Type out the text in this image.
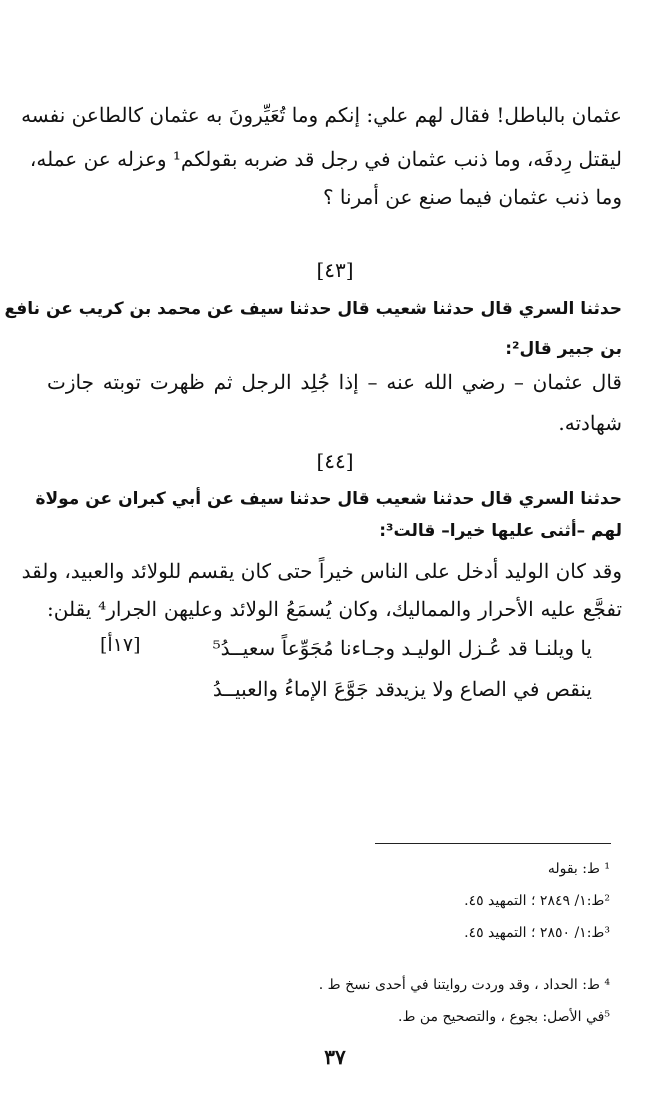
عثمان بالباطل! فقال لهم علي: إنكم وما تُعَيِّرونَ به عثمان كالطاعن نفسه
ليقتل رِدفَه، وما ذنب عثمان في رجل قد ضربه بقولكم¹ وعزله عن عمله،
وما ذنب عثمان فيما صنع عن أمرنا ؟
[٤٣]
حدثنا السري قال حدثنا شعيب قال حدثنا سيف عن محمد بن كريب عن نافع
بن جبير قال²:
قال عثمان – رضي الله عنه – إذا جُلِد الرجل ثم ظهرت توبته جازت
شهادته.
[٤٤]
حدثنا السري قال حدثنا شعيب قال حدثنا سيف عن أبي كبران عن مولاة
لهم –أثنى عليها خيرا– قالت³:
وقد كان الوليد أدخل على الناس خيراً حتى كان يقسم للولائد والعبيد، ولقد
تفجَّع عليه الأحرار والمماليك، وكان يُسمَعُ الولائد وعليهن الجرار⁴ يقلن:
يا ويلنـا قد عُـزل الوليـد
وجـاءنا مُجَوِّعاً سعيــدُ⁵
[١٧أ]
ينقص في الصاع ولا يزيد
قد جَوَّعَ الإماءُ والعبيــدُ
¹ ط: بقوله
²ط:١/ ٢٨٤٩ ؛ التمهيد ٤٥.
³ط:١/ ٢٨٥٠ ؛ التمهيد ٤٥.
⁴ ط: الحداد ، وقد وردت روايتنا في أحدى نسخ ط .
⁵في الأصل: بجوع ، والتصحيح من ط.
٣٧
